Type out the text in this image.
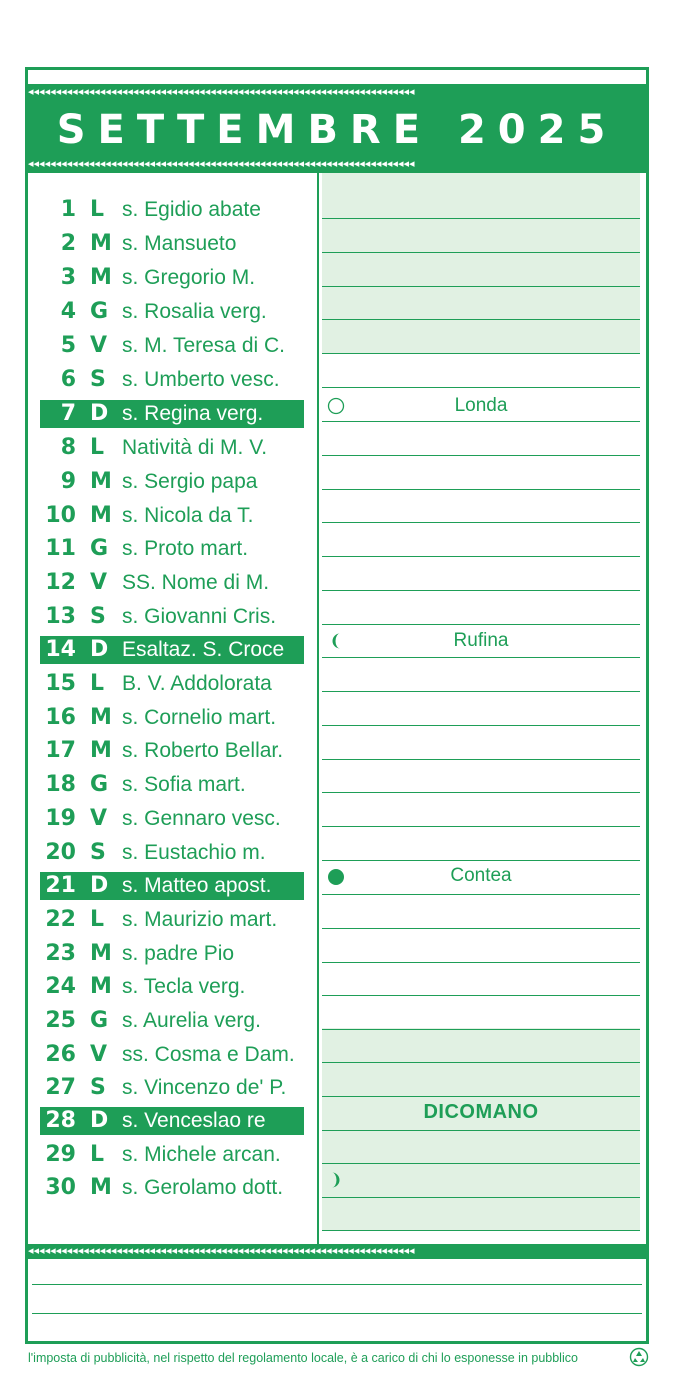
◂◂◂◂◂◂◂◂◂◂◂◂◂◂◂◂◂◂◂◂◂◂◂◂◂◂◂◂◂◂◂◂◂◂◂◂◂◂◂◂◂◂◂◂◂◂◂◂◂◂◂◂◂◂◂◂◂◂◂◂◂◂◂◂◂◂◂◂◂◂
SETTEMBRE 2025
◂◂◂◂◂◂◂◂◂◂◂◂◂◂◂◂◂◂◂◂◂◂◂◂◂◂◂◂◂◂◂◂◂◂◂◂◂◂◂◂◂◂◂◂◂◂◂◂◂◂◂◂◂◂◂◂◂◂◂◂◂◂◂◂◂◂◂◂◂◂
1 L s. Egidio abate
2 M s. Mansueto
3 M s. Gregorio M.
4 G s. Rosalia verg.
5 V s. M. Teresa di C.
6 S s. Umberto vesc.
7 D s. Regina verg.
8 L Natività di M. V.
9 M s. Sergio papa
10 M s. Nicola da T.
11 G s. Proto mart.
12 V SS. Nome di M.
13 S s. Giovanni Cris.
14 D Esaltaz. S. Croce
15 L B. V. Addolorata
16 M s. Cornelio mart.
17 M s. Roberto Bellar.
18 G s. Sofia mart.
19 V s. Gennaro vesc.
20 S s. Eustachio m.
21 D s. Matteo apost.
22 L s. Maurizio mart.
23 M s. padre Pio
24 M s. Tecla verg.
25 G s. Aurelia verg.
26 V ss. Cosma e Dam.
27 S s. Vincenzo de' P.
28 D s. Venceslao re
29 L s. Michele arcan.
30 M s. Gerolamo dott.
Londa
Rufina
Contea
DICOMANO
◂◂◂◂◂◂◂◂◂◂◂◂◂◂◂◂◂◂◂◂◂◂◂◂◂◂◂◂◂◂◂◂◂◂◂◂◂◂◂◂◂◂◂◂◂◂◂◂◂◂◂◂◂◂◂◂◂◂◂◂◂◂◂◂◂◂◂◂◂◂
l'imposta di pubblicità, nel rispetto del regolamento locale, è a carico di chi lo esponesse in pubblico
